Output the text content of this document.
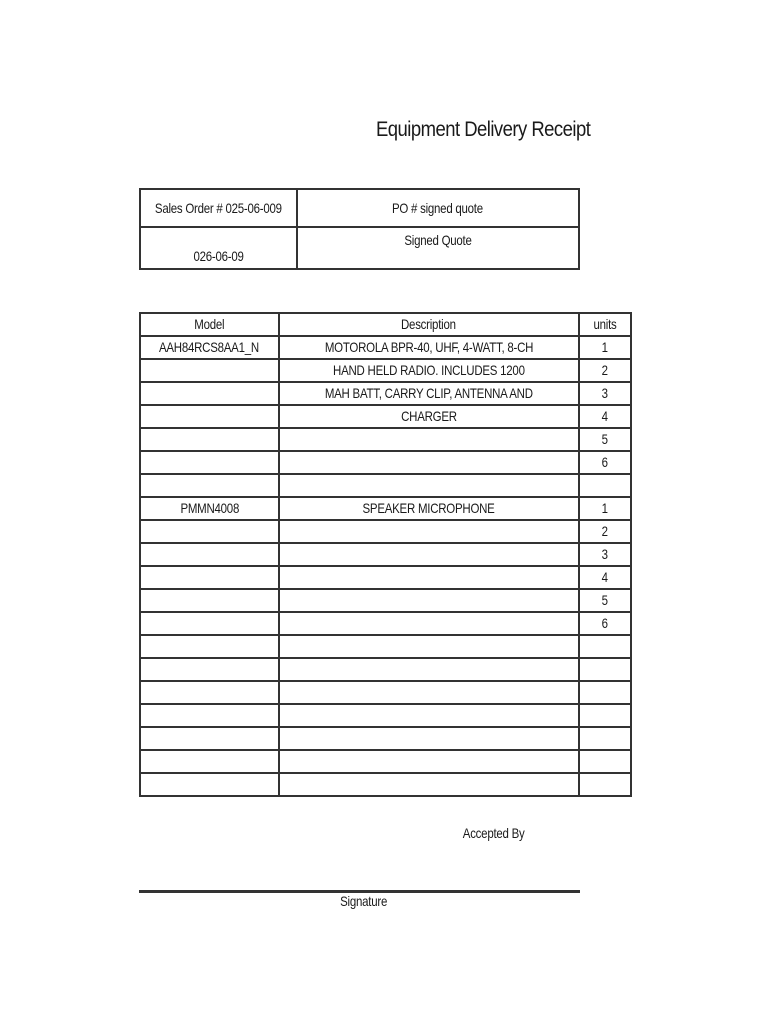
Equipment Delivery Receipt
Sales Order # 025-06-009	PO # signed quote
026-06-09	Signed Quote
Model	Description	units
AAH84RCS8AA1_N	MOTOROLA BPR-40, UHF, 4-WATT, 8-CH	1
	HAND HELD RADIO. INCLUDES 1200	2
	MAH BATT, CARRY CLIP, ANTENNA AND	3
	CHARGER	4
		5
		6

PMMN4008	SPEAKER MICROPHONE	1
		2
		3
		4
		5
		6

Accepted By
Signature
